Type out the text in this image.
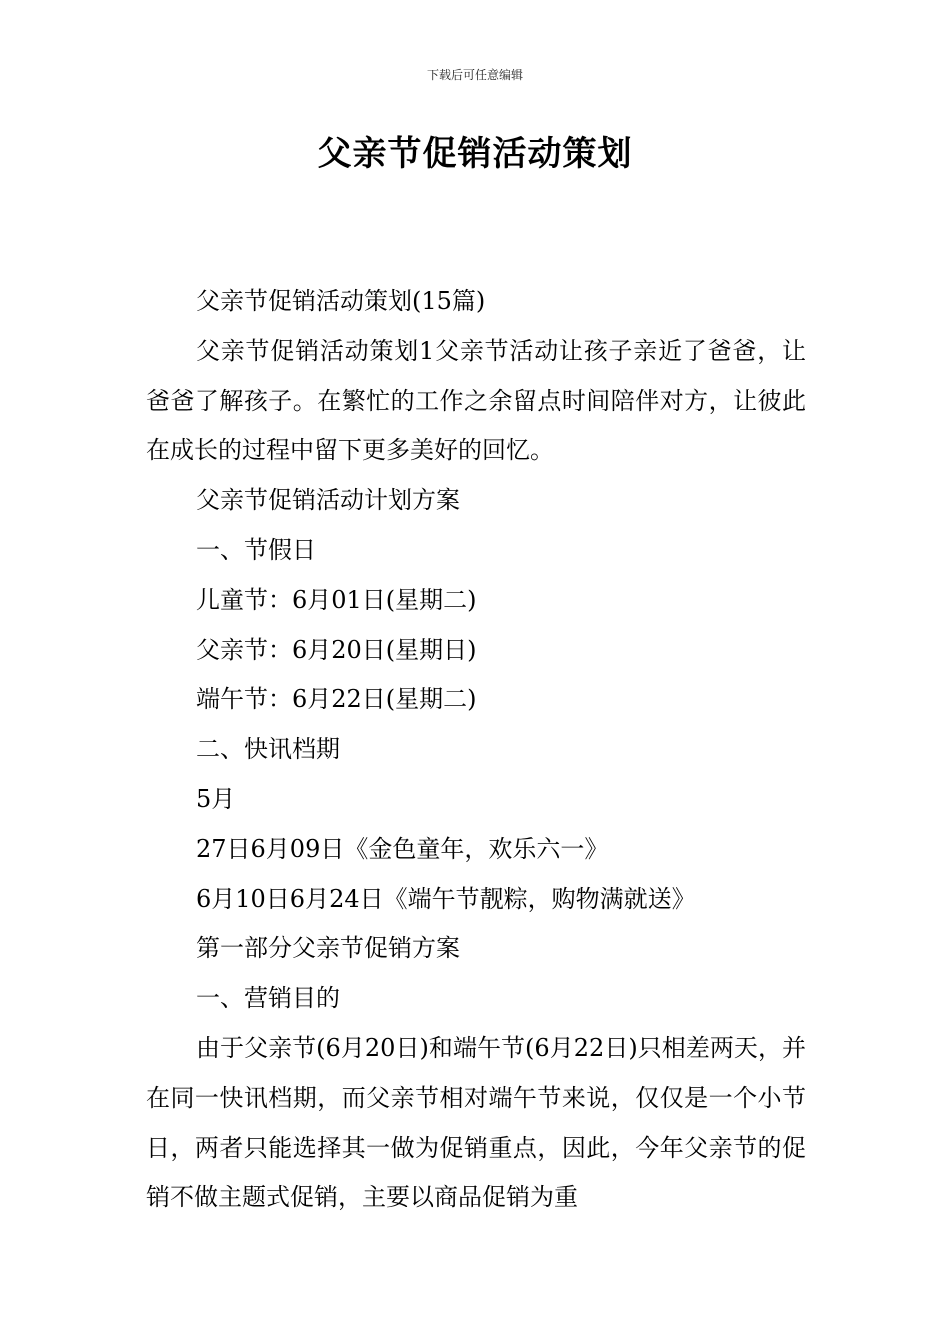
下载后可任意编辑
父亲节促销活动策划

父亲节促销活动策划(15篇)

父亲节促销活动策划1父亲节活动让孩子亲近了爸爸，让爸爸了解孩子。在繁忙的工作之余留点时间陪伴对方，让彼此在成长的过程中留下更多美好的回忆。

父亲节促销活动计划方案

一、节假日

儿童节：6月01日(星期二)

父亲节：6月20日(星期日)

端午节：6月22日(星期二)

二、快讯档期

5月

27日6月09日《金色童年，欢乐六一》

6月10日6月24日《端午节靓粽，购物满就送》

第一部分父亲节促销方案

一、营销目的

由于父亲节(6月20日)和端午节(6月22日)只相差两天，并在同一快讯档期，而父亲节相对端午节来说，仅仅是一个小节日，两者只能选择其一做为促销重点，因此，今年父亲节的促销不做主题式促销，主要以商品促销为重
